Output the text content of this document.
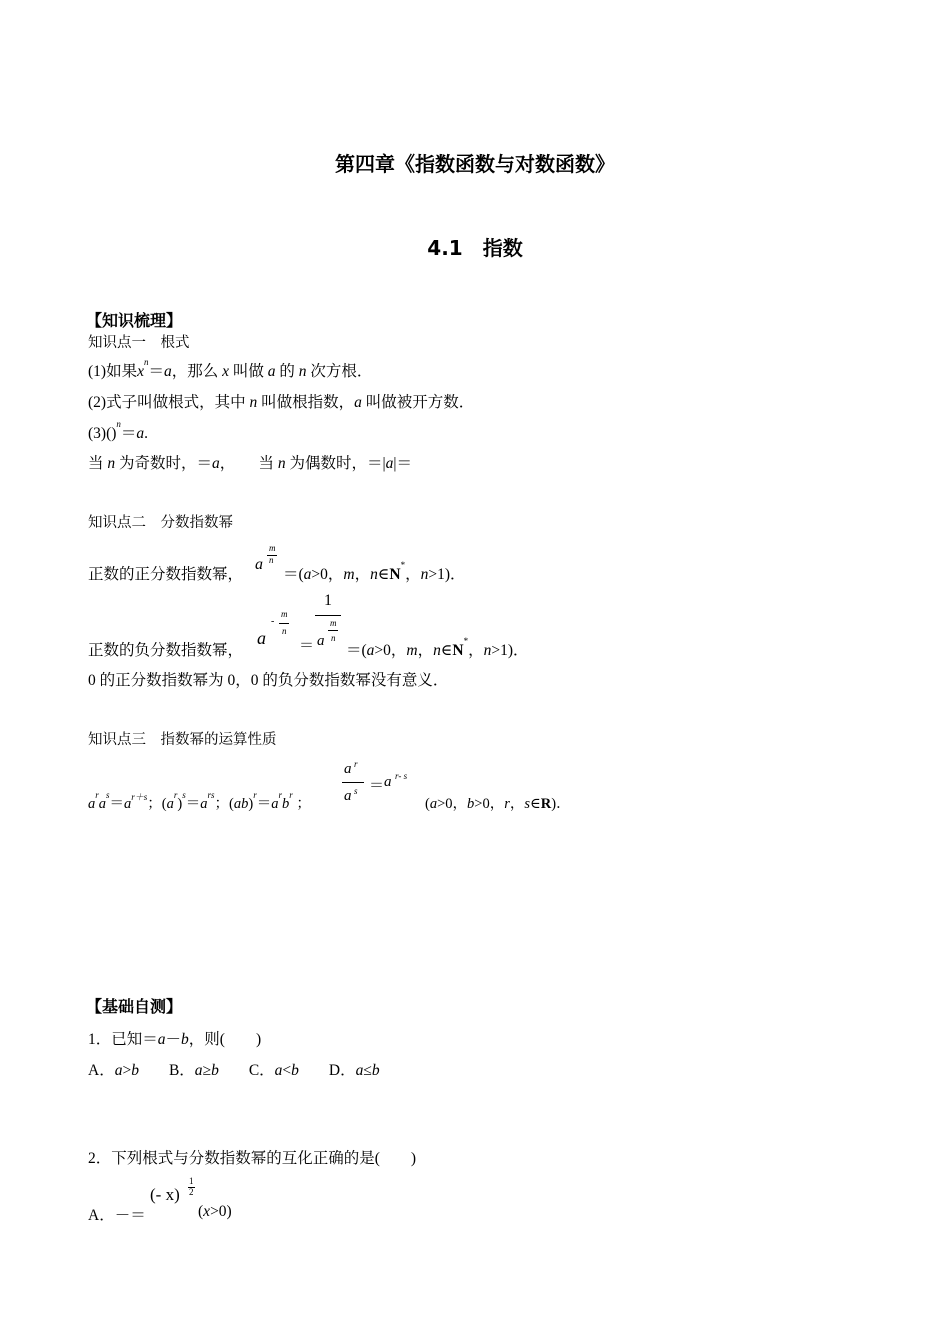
第四章《指数函数与对数函数》
4.1　指数
【知识梳理】
知识点一　根式
(1)如果$x^n=a$，那么 x 叫做 a 的 n 次方根．
(2)式子叫做根式，其中 n 叫做根指数，a 叫做被开方数．
(3)()$^n$＝a.
当 n 为奇数时，＝a，　　当 n 为偶数时，＝|a|＝
知识点二　分数指数幂
正数的正分数指数幂，
a
m
n
＝(a>0，m，n∈N*，n>1)．
正数的负分数指数幂，
a
-
m
n
＝
1
a
m
n
＝(a>0，m，n∈N*，n>1)．
0 的正分数指数幂为 0，0 的负分数指数幂没有意义．
知识点三　指数幂的运算性质
$a^ra^s=a^{r+s}$；$(a^r)^s=a^{rs}$；$(ab)^r=a^rb^r$ ；
a r
a s ＝ a r- s
(a>0，b>0，r，s∈R)．
【基础自测】
1．已知＝a－b，则(　　)
A．a>b B．a≥b C．a<b D．a≤b
2．下列根式与分数指数幂的互化正确的是(　　)
A．－＝
(- x)
1
2
(x>0)
